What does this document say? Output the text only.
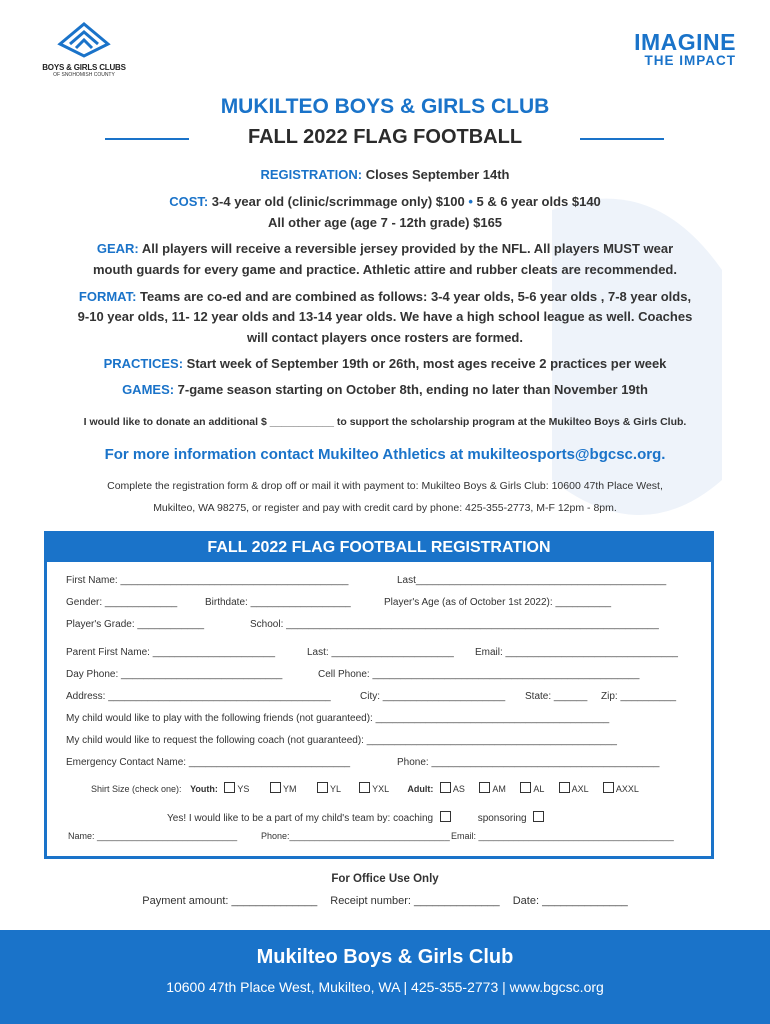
BOYS & GIRLS CLUBS
OF SNOHOMISH COUNTY
IMAGINE
THE IMPACT
MUKILTEO BOYS & GIRLS CLUB
FALL 2022 FLAG FOOTBALL
REGISTRATION: Closes September 14th
COST: 3-4 year old (clinic/scrimmage only) $100 • 5 & 6 year olds $140
All other age (age 7 - 12th grade) $165
GEAR: All players will receive a reversible jersey provided by the NFL. All players MUST wear
mouth guards for every game and practice. Athletic attire and rubber cleats are recommended.
FORMAT: Teams are co-ed and are combined as follows: 3-4 year olds, 5-6 year olds , 7-8 year olds,
9-10 year olds, 11- 12 year olds and 13-14 year olds. We have a high school league as well. Coaches
will contact players once rosters are formed.
PRACTICES: Start week of September 19th or 26th, most ages receive 2 practices per week
GAMES: 7-game season starting on October 8th, ending no later than November 19th
I would like to donate an additional $ ___________ to support the scholarship program at the Mukilteo Boys & Girls Club.
For more information contact Mukilteo Athletics at mukilteosports@bgcsc.org.
Complete the registration form & drop off or mail it with payment to: Mukilteo Boys & Girls Club: 10600 47th Place West,
Mukilteo, WA 98275, or register and pay with credit card by phone: 425-355-2773, M-F 12pm - 8pm.
FALL 2022 FLAG FOOTBALL REGISTRATION
First Name: _________________________________________	Last_____________________________________________
Gender: _____________	Birthdate: __________________	Player's Age (as of October 1st 2022): __________
Player's Grade: ____________	School: ___________________________________________________________________
Parent First Name: ______________________	Last: ______________________ Email: _______________________________
Day Phone: _____________________________	Cell Phone: ________________________________________________
Address: ________________________________________	City: ______________________ State: ______ Zip: __________
My child would like to play with the following friends (not guaranteed): __________________________________________
My child would like to request the following coach (not guaranteed): _____________________________________________
Emergency Contact Name: _____________________________	Phone: _________________________________________
Shirt Size (check one): Youth: YS	YM	YL	YXL Adult: AS	AM	AL	AXL	AXXL
Yes! I would like to be a part of my child's team by: coaching	sponsoring
Name: ____________________________	Phone:________________________________ Email: _______________________________________
For Office Use Only
Payment amount: ______________ Receipt number: ______________ Date: ______________
Mukilteo Boys & Girls Club
10600 47th Place West, Mukilteo, WA | 425-355-2773 | www.bgcsc.org
